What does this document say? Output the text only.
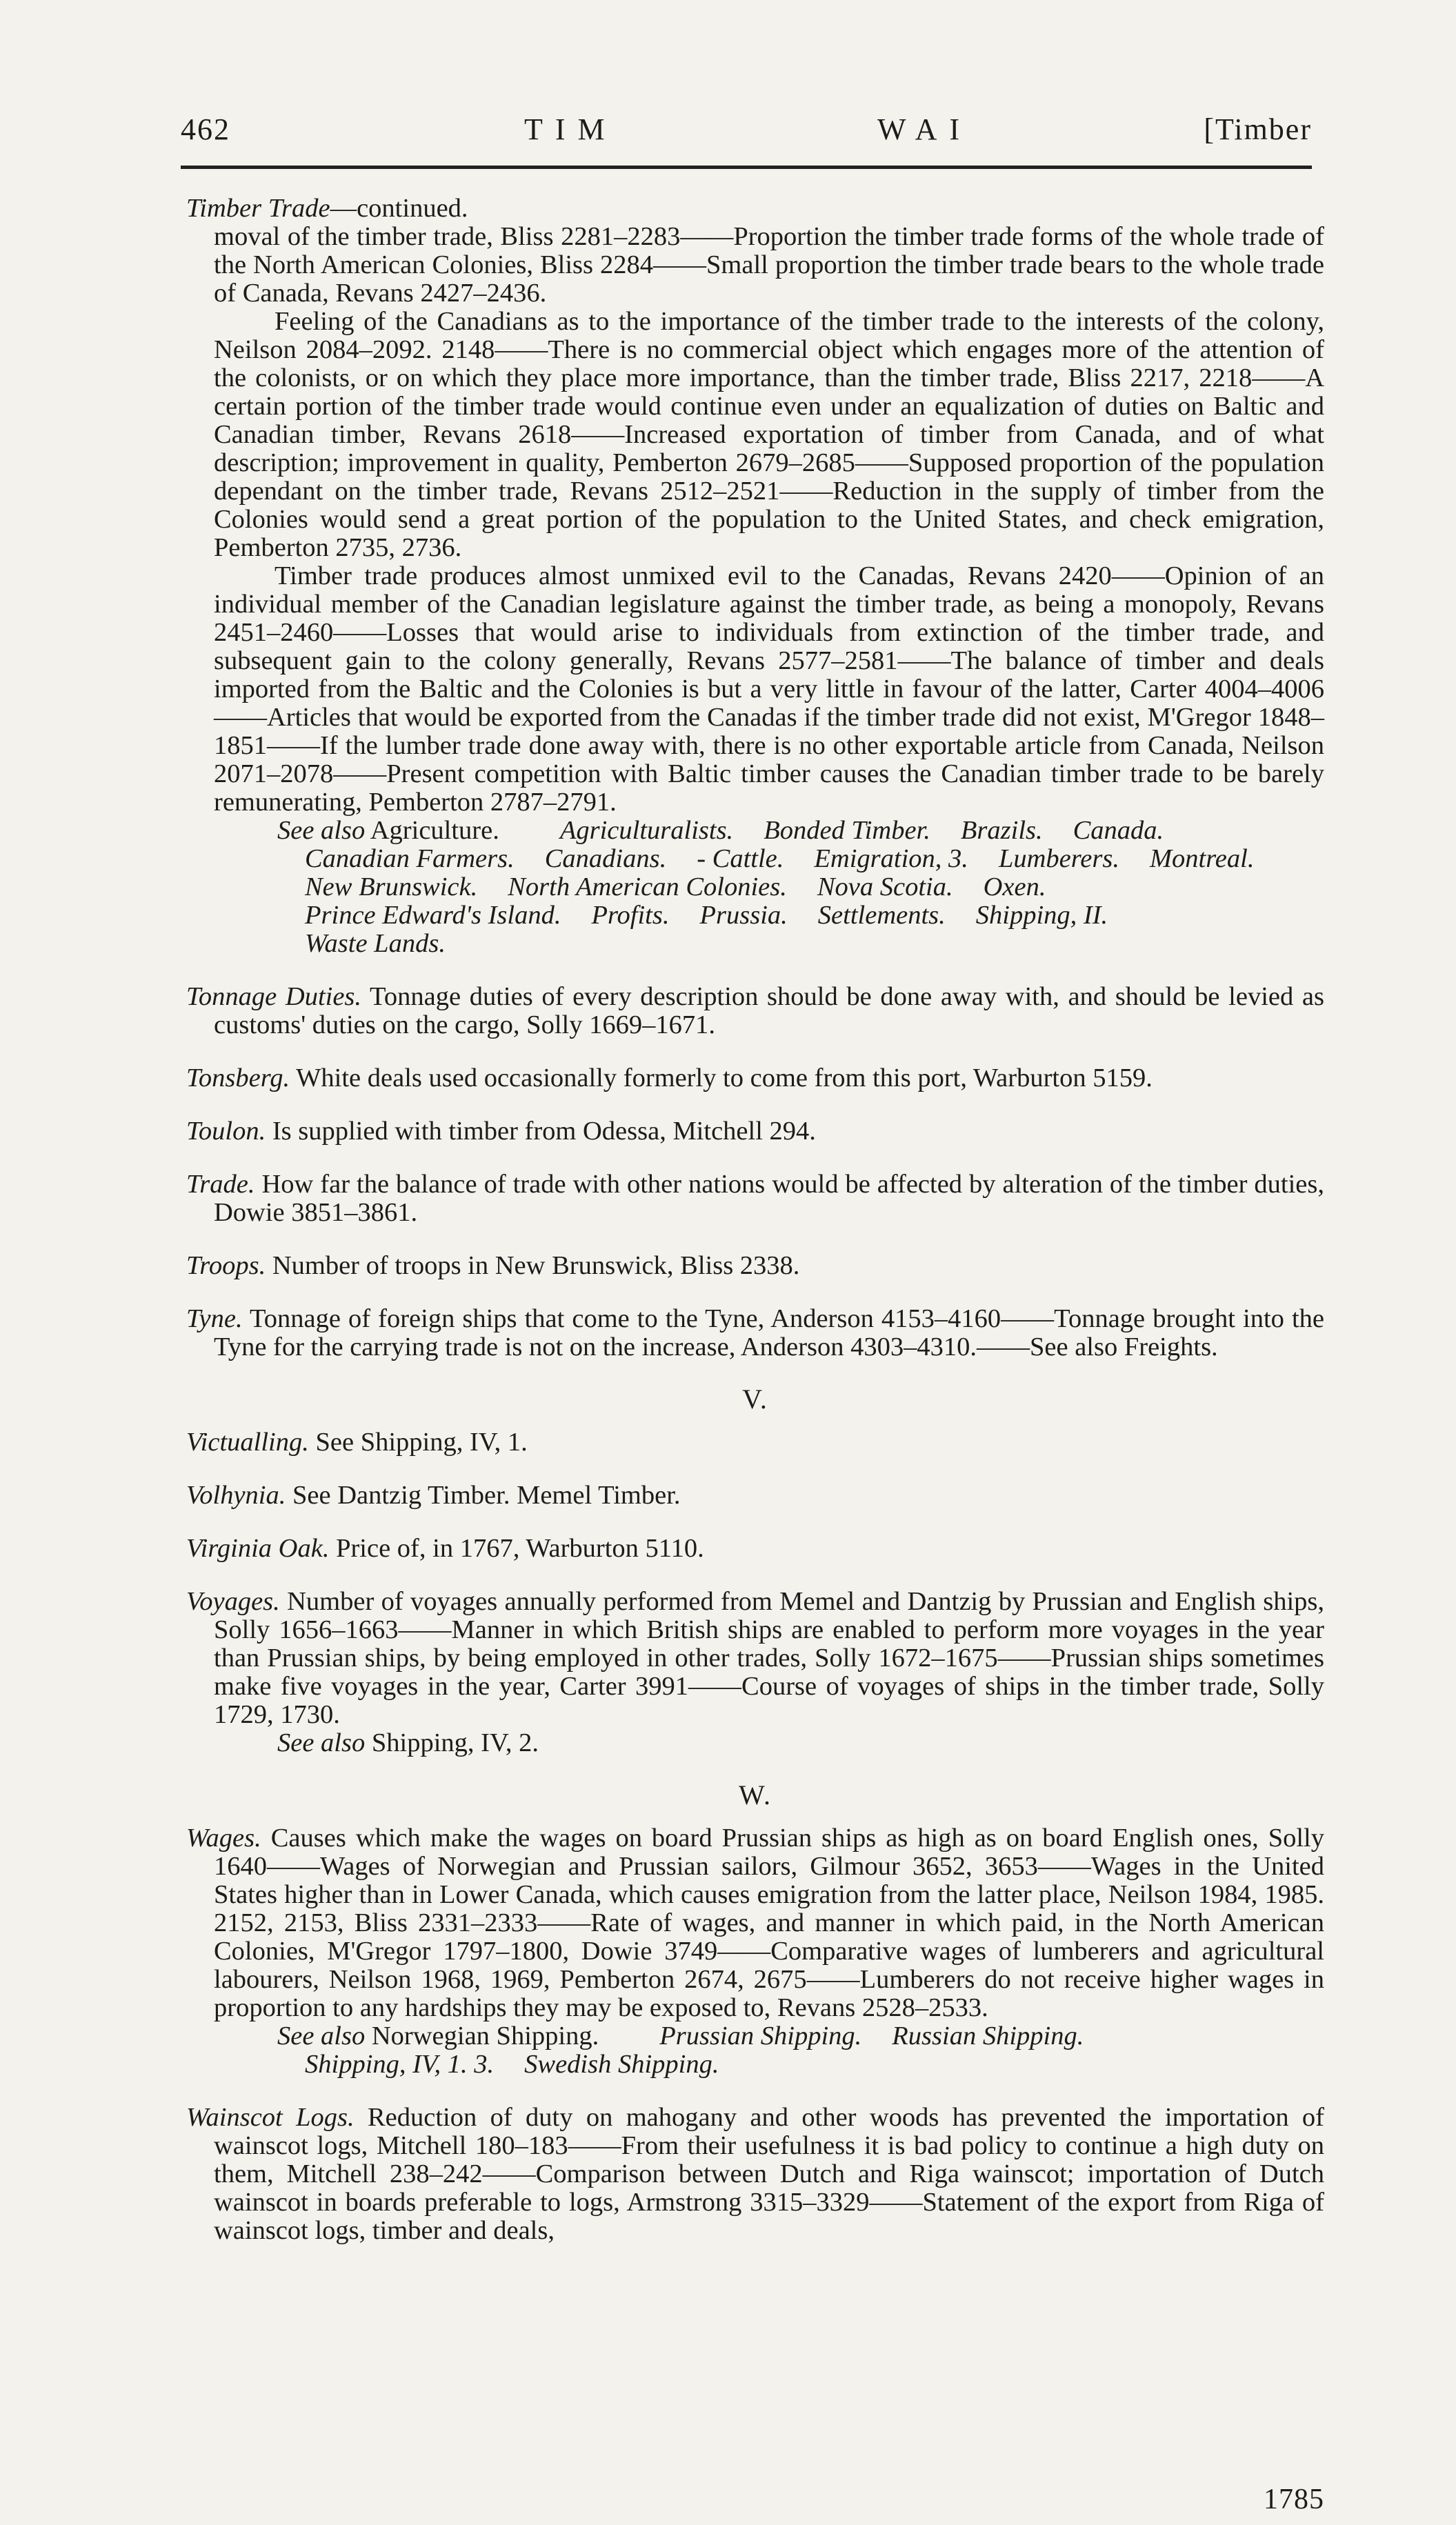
462	TIM	WAI	[Timber

Timber Trade—continued.

moval of the timber trade, Bliss 2281–2283——Proportion the timber trade forms of the whole trade of the North American Colonies, Bliss 2284——Small proportion the timber trade bears to the whole trade of Canada, Revans 2427–2436.

Feeling of the Canadians as to the importance of the timber trade to the interests of the colony, Neilson 2084–2092. 2148——There is no commercial object which engages more of the attention of the colonists, or on which they place more importance, than the timber trade, Bliss 2217, 2218——A certain portion of the timber trade would continue even under an equalization of duties on Baltic and Canadian timber, Revans 2618——Increased exportation of timber from Canada, and of what description; improvement in quality, Pemberton 2679–2685——Supposed proportion of the population dependant on the timber trade, Revans 2512–2521——Reduction in the supply of timber from the Colonies would send a great portion of the population to the United States, and check emigration, Pemberton 2735, 2736.

Timber trade produces almost unmixed evil to the Canadas, Revans 2420——Opinion of an individual member of the Canadian legislature against the timber trade, as being a monopoly, Revans 2451–2460——Losses that would arise to individuals from extinction of the timber trade, and subsequent gain to the colony generally, Revans 2577–2581——The balance of timber and deals imported from the Baltic and the Colonies is but a very little in favour of the latter, Carter 4004–4006——Articles that would be exported from the Canadas if the timber trade did not exist, M'Gregor 1848–1851——If the lumber trade done away with, there is no other exportable article from Canada, Neilson 2071–2078——Present competition with Baltic timber causes the Canadian timber trade to be barely remunerating, Pemberton 2787–2791.

See also Agriculture. Agriculturalists. Bonded Timber. Brazils. Canada.
Canadian Farmers. Canadians. - Cattle. Emigration, 3. Lumberers. Montreal.
New Brunswick. North American Colonies. Nova Scotia. Oxen.
Prince Edward's Island. Profits. Prussia. Settlements. Shipping, II.
Waste Lands.

Tonnage Duties. Tonnage duties of every description should be done away with, and should be levied as customs' duties on the cargo, Solly 1669–1671.

Tonsberg. White deals used occasionally formerly to come from this port, Warburton 5159.

Toulon. Is supplied with timber from Odessa, Mitchell 294.

Trade. How far the balance of trade with other nations would be affected by alteration of the timber duties, Dowie 3851–3861.

Troops. Number of troops in New Brunswick, Bliss 2338.

Tyne. Tonnage of foreign ships that come to the Tyne, Anderson 4153–4160——Tonnage brought into the Tyne for the carrying trade is not on the increase, Anderson 4303–4310.——See also Freights.

V.

Victualling. See Shipping, IV, 1.

Volhynia. See Dantzig Timber. Memel Timber.

Virginia Oak. Price of, in 1767, Warburton 5110.

Voyages. Number of voyages annually performed from Memel and Dantzig by Prussian and English ships, Solly 1656–1663——Manner in which British ships are enabled to perform more voyages in the year than Prussian ships, by being employed in other trades, Solly 1672–1675——Prussian ships sometimes make five voyages in the year, Carter 3991——Course of voyages of ships in the timber trade, Solly 1729, 1730.

See also Shipping, IV, 2.

W.

Wages. Causes which make the wages on board Prussian ships as high as on board English ones, Solly 1640——Wages of Norwegian and Prussian sailors, Gilmour 3652, 3653——Wages in the United States higher than in Lower Canada, which causes emigration from the latter place, Neilson 1984, 1985. 2152, 2153, Bliss 2331–2333——Rate of wages, and manner in which paid, in the North American Colonies, M'Gregor 1797–1800, Dowie 3749——Comparative wages of lumberers and agricultural labourers, Neilson 1968, 1969, Pemberton 2674, 2675——Lumberers do not receive higher wages in proportion to any hardships they may be exposed to, Revans 2528–2533.

See also Norwegian Shipping. Prussian Shipping. Russian Shipping.
Shipping, IV, 1. 3. Swedish Shipping.

Wainscot Logs. Reduction of duty on mahogany and other woods has prevented the importation of wainscot logs, Mitchell 180–183——From their usefulness it is bad policy to continue a high duty on them, Mitchell 238–242——Comparison between Dutch and Riga wainscot; importation of Dutch wainscot in boards preferable to logs, Armstrong 3315–3329——Statement of the export from Riga of wainscot logs, timber and deals,

1785
